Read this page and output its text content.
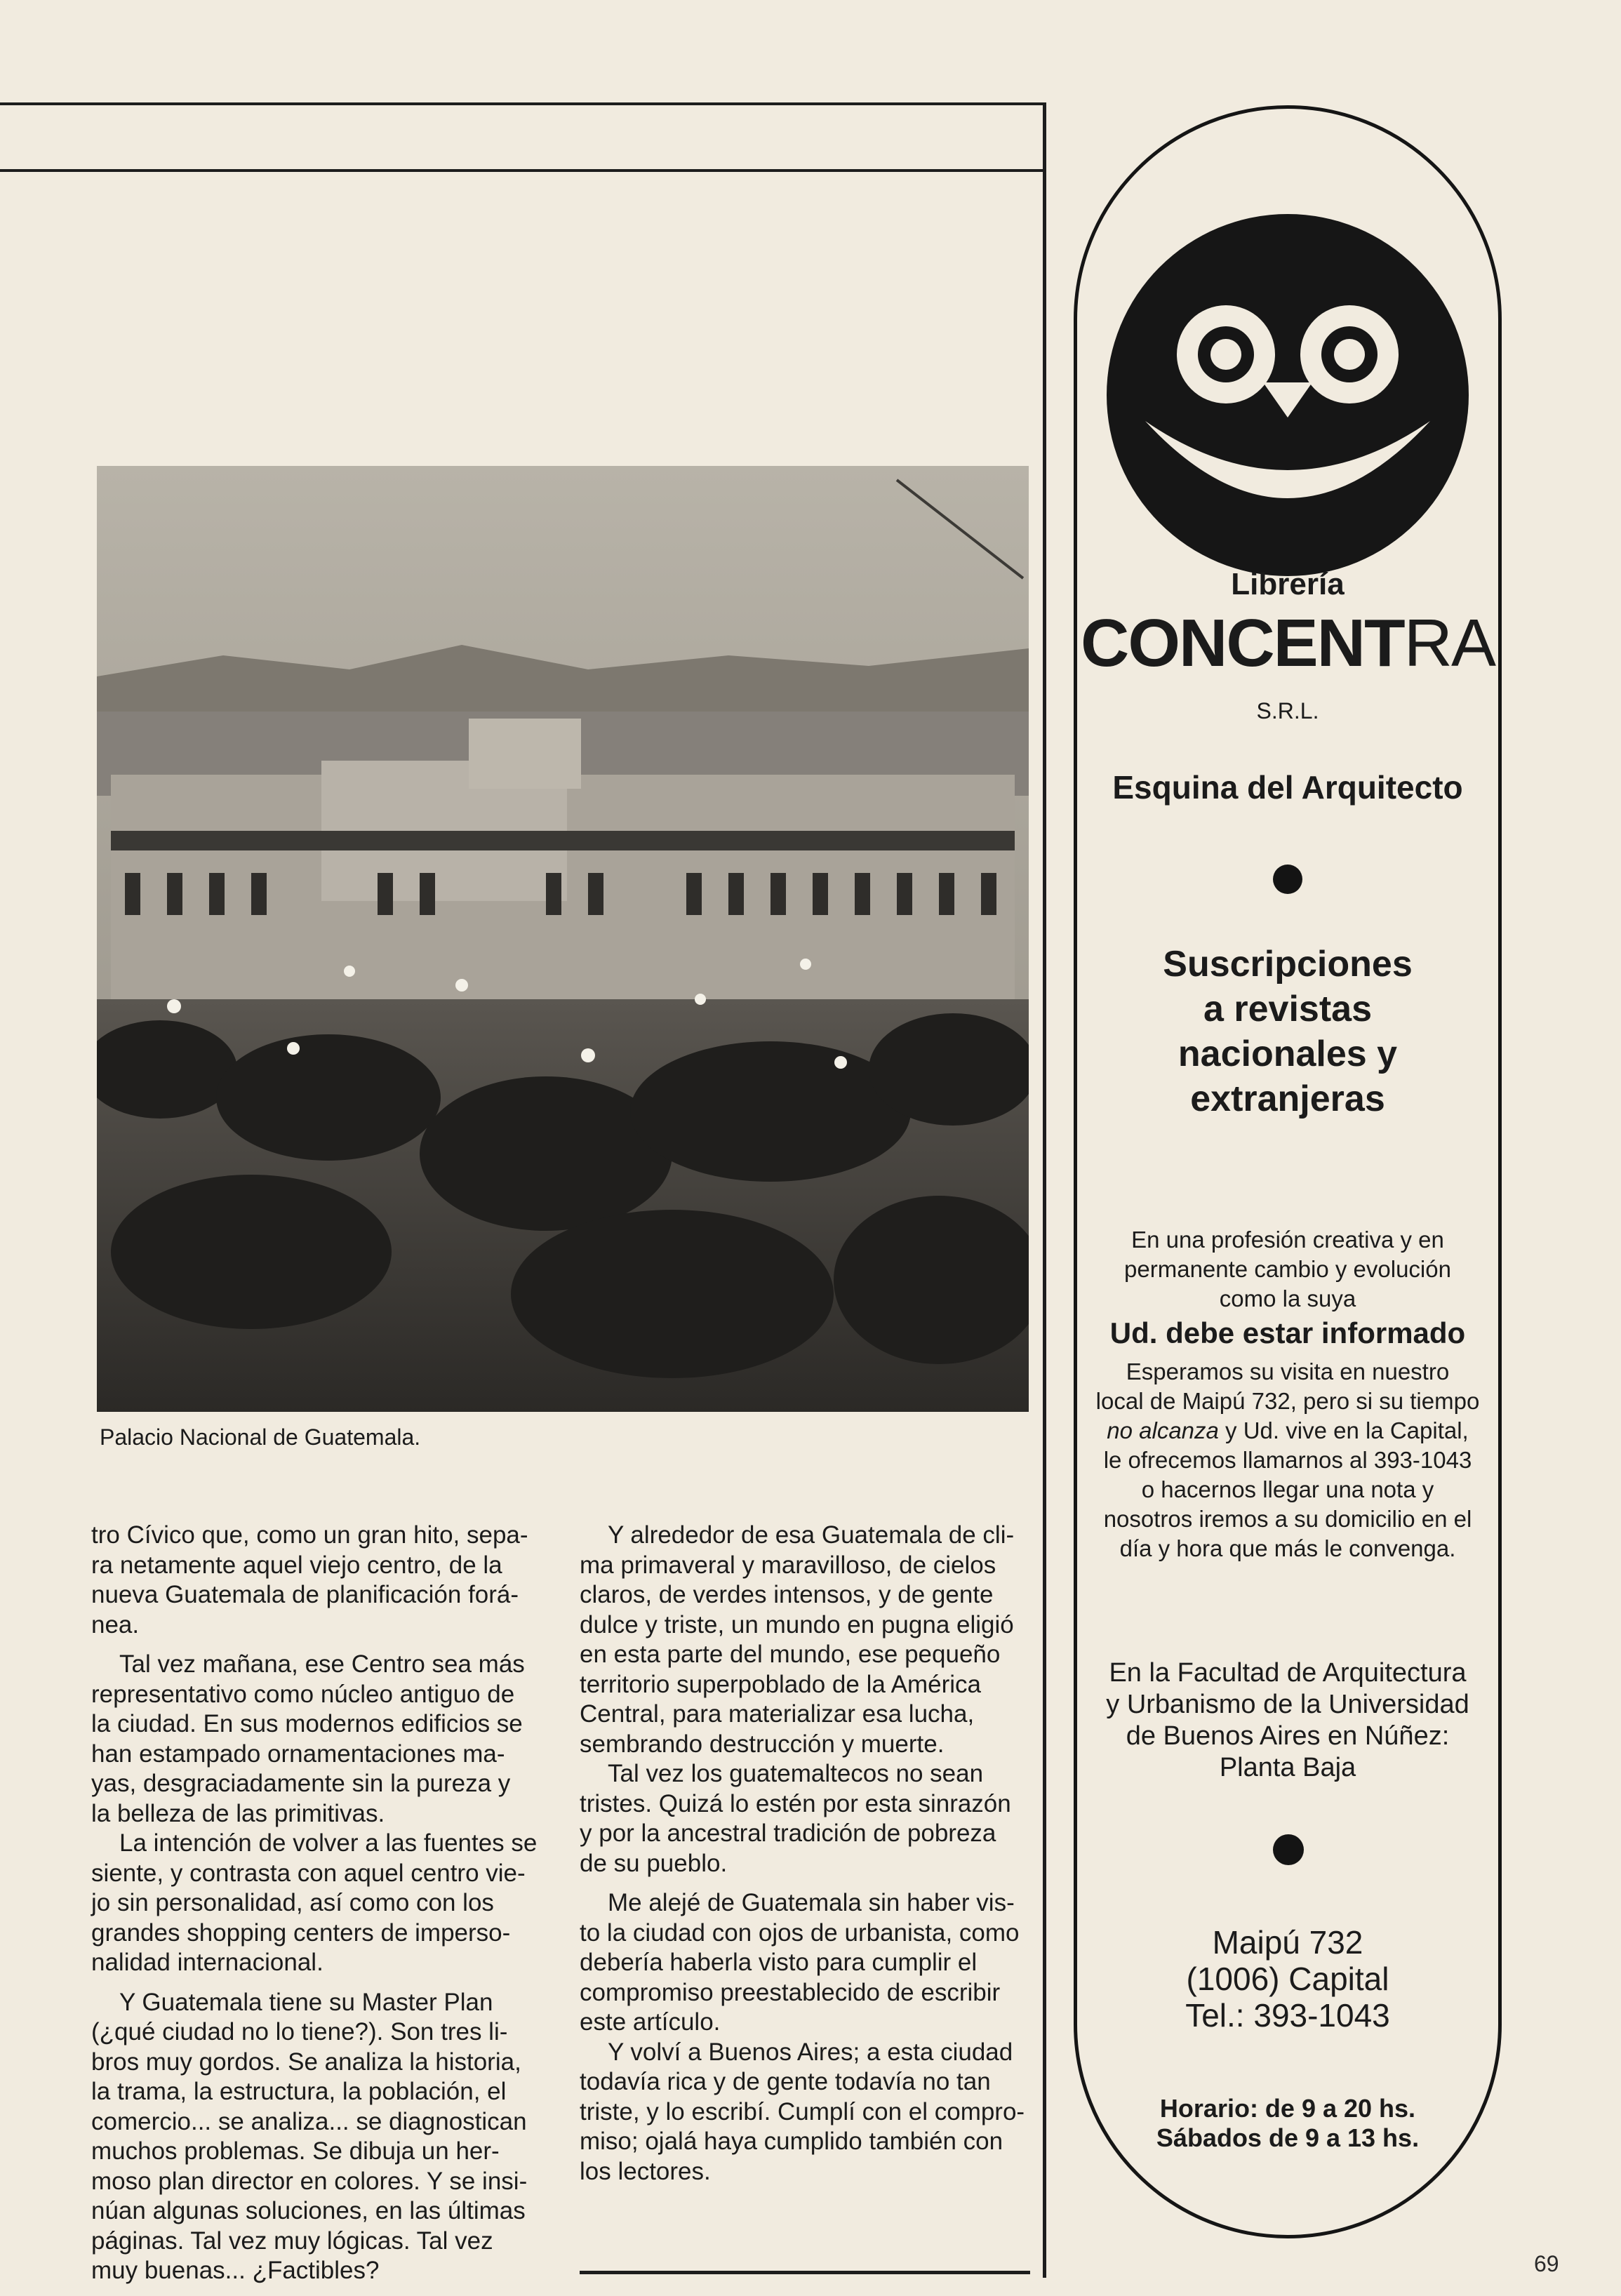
Palacio Nacional de Guatemala.

tro Cívico que, como un gran hito, sepa-

ra netamente aquel viejo centro, de la

nueva Guatemala de planificación forá-

nea.

Tal vez mañana, ese Centro sea más

representativo como núcleo antiguo de

la ciudad. En sus modernos edificios se

han estampado ornamentaciones ma-

yas, desgraciadamente sin la pureza y

la belleza de las primitivas.

La intención de volver a las fuentes se

siente, y contrasta con aquel centro vie-

jo sin personalidad, así como con los

grandes shopping centers de imperso-

nalidad internacional.

Y Guatemala tiene su Master Plan

(¿qué ciudad no lo tiene?). Son tres li-

bros muy gordos. Se analiza la historia,

la trama, la estructura, la población, el

comercio... se analiza... se diagnostican

muchos problemas. Se dibuja un her-

moso plan director en colores. Y se insi-

núan algunas soluciones, en las últimas

páginas. Tal vez muy lógicas. Tal vez

muy buenas... ¿Factibles?

Y alrededor de esa Guatemala de cli-

ma primaveral y maravilloso, de cielos

claros, de verdes intensos, y de gente

dulce y triste, un mundo en pugna eligió

en esta parte del mundo, ese pequeño

territorio superpoblado de la América

Central, para materializar esa lucha,

sembrando destrucción y muerte.

Tal vez los guatemaltecos no sean

tristes. Quizá lo estén por esta sinrazón

y por la ancestral tradición de pobreza

de su pueblo.

Me alejé de Guatemala sin haber vis-

to la ciudad con ojos de urbanista, como

debería haberla visto para cumplir el

compromiso preestablecido de escribir

este artículo.

Y volví a Buenos Aires; a esta ciudad

todavía rica y de gente todavía no tan

triste, y lo escribí. Cumplí con el compro-

miso; ojalá haya cumplido también con

los lectores.

Librería
CONCENTRA
S.R.L.
Esquina del Arquitecto
Suscripciones
a revistas
nacionales y
extranjeras
En una profesión creativa y en
permanente cambio y evolución
como la suya
Ud. debe estar informado
Esperamos su visita en nuestro
local de Maipú 732, pero si su tiempo
no alcanza y Ud. vive en la Capital,
le ofrecemos llamarnos al 393-1043
o hacernos llegar una nota y
nosotros iremos a su domicilio en el
día y hora que más le convenga.
En la Facultad de Arquitectura
y Urbanismo de la Universidad
de Buenos Aires en Núñez:
Planta Baja
Maipú 732
(1006) Capital
Tel.: 393-1043
Horario: de 9 a 20 hs.
Sábados de 9 a 13 hs.
69
